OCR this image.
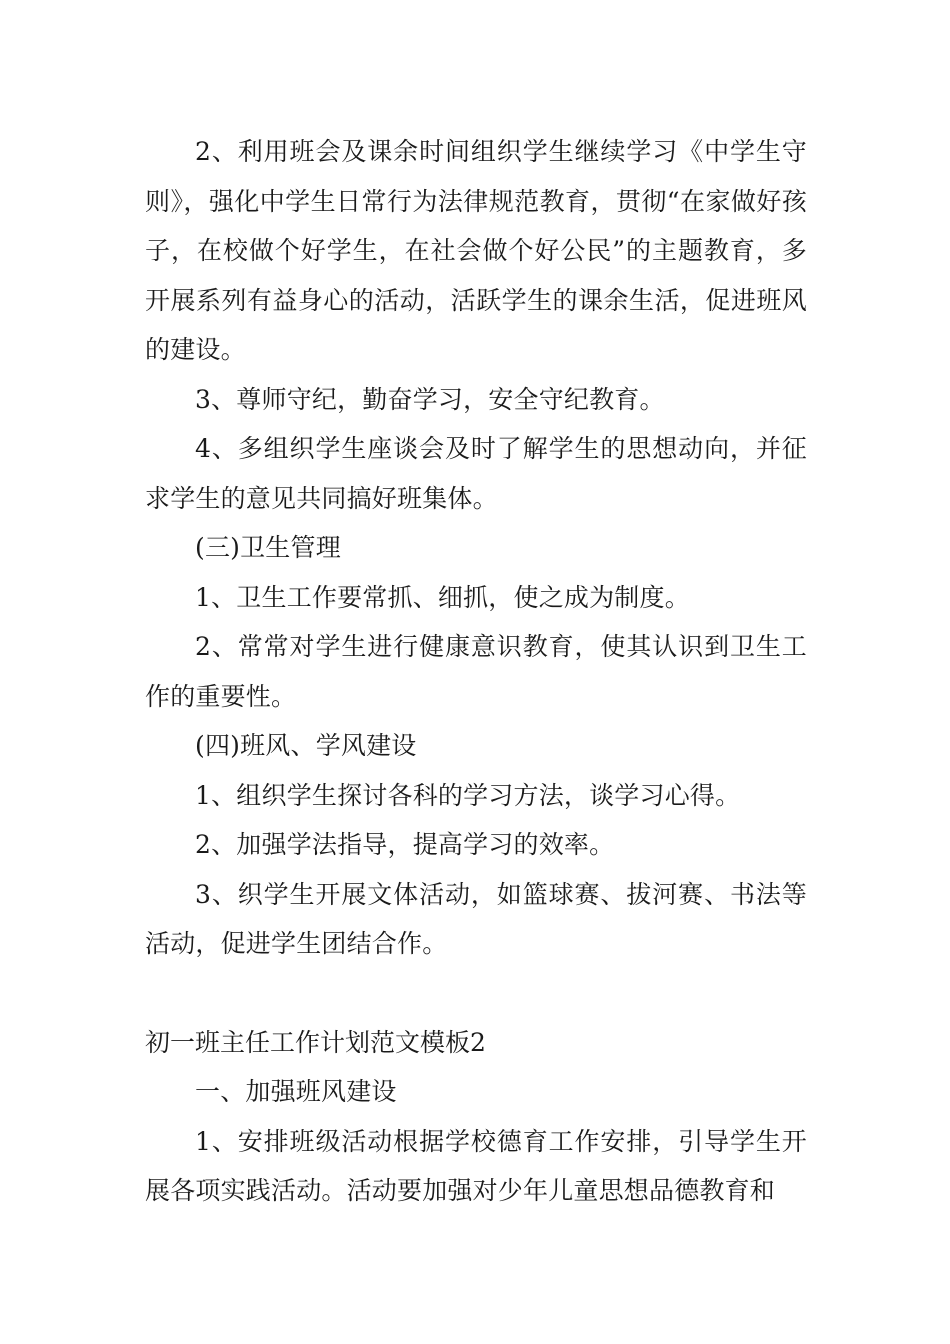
2、利用班会及课余时间组织学生继续学习《中学生守则》，强化中学生日常行为法律规范教育，贯彻“在家做好孩子，在校做个好学生，在社会做个好公民”的主题教育，多开展系列有益身心的活动，活跃学生的课余生活，促进班风的建设。

3、尊师守纪，勤奋学习，安全守纪教育。

4、多组织学生座谈会及时了解学生的思想动向，并征求学生的意见共同搞好班集体。

(三)卫生管理

1、卫生工作要常抓、细抓，使之成为制度。

2、常常对学生进行健康意识教育，使其认识到卫生工作的重要性。

(四)班风、学风建设

1、组织学生探讨各科的学习方法，谈学习心得。

2、加强学法指导，提高学习的效率。

3、织学生开展文体活动，如篮球赛、拔河赛、书法等活动，促进学生团结合作。

初一班主任工作计划范文模板2

一、加强班风建设

1、安排班级活动根据学校德育工作安排，引导学生开展各项实践活动。活动要加强对少年儿童思想品德教育和
